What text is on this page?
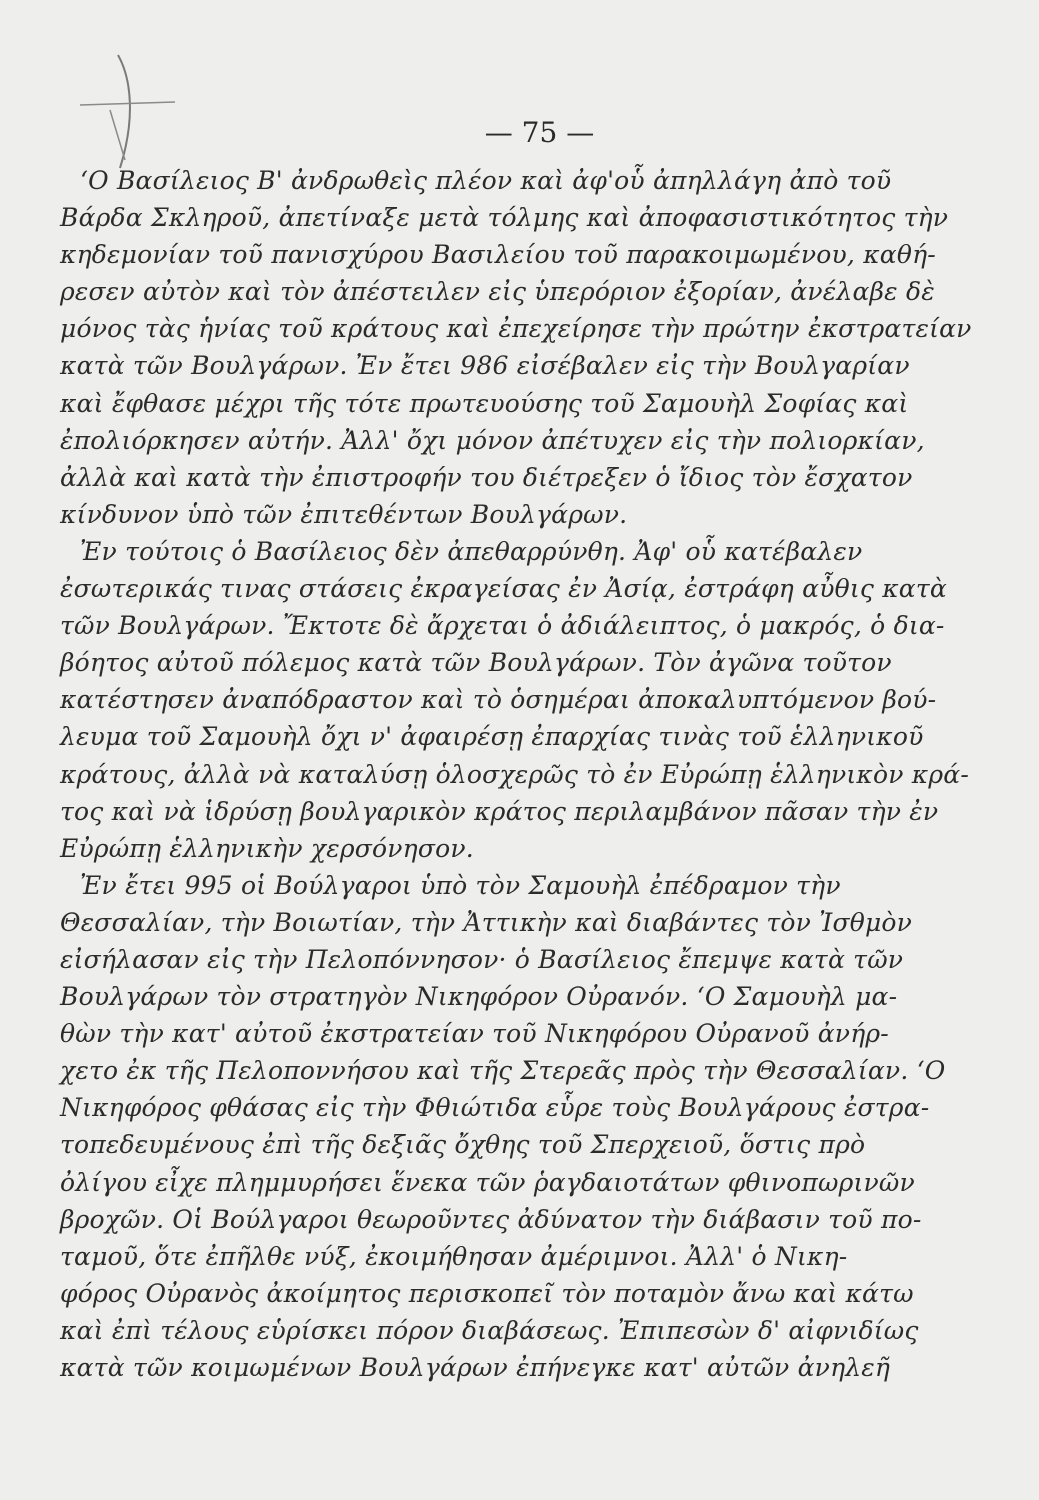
— 75 —
‘Ο Βασίλειος Β' ἀνδρωθεὶς πλέον καὶ ἀφ'οὗ ἀπηλλάγη ἀπὸ τοῦ
Βάρδα Σκληροῦ, ἀπετίναξε μετὰ τόλμης καὶ ἀποφασιστικότητος τὴν
κηδεμονίαν τοῦ πανισχύρου Βασιλείου τοῦ παρακοιμωμένου, καθή-
ρεσεν αὐτὸν καὶ τὸν ἀπέστειλεν εἰς ὑπερόριον ἐξορίαν, ἀνέλαβε δὲ
μόνος τὰς ἡνίας τοῦ κράτους καὶ ἐπεχείρησε τὴν πρώτην ἐκστρατείαν
κατὰ τῶν Βουλγάρων. Ἐν ἔτει 986 εἰσέβαλεν εἰς τὴν Βουλγαρίαν
καὶ ἔφθασε μέχρι τῆς τότε πρωτευούσης τοῦ Σαμουὴλ Σοφίας καὶ
ἐπολιόρκησεν αὐτήν. Ἀλλ' ὄχι μόνον ἀπέτυχεν εἰς τὴν πολιορκίαν,
ἀλλὰ καὶ κατὰ τὴν ἐπιστροφήν του διέτρεξεν ὁ ἴδιος τὸν ἔσχατον
κίνδυνον ὑπὸ τῶν ἐπιτεθέντων Βουλγάρων.
Ἐν τούτοις ὁ Βασίλειος δὲν ἀπεθαρρύνθη. Ἀφ' οὗ κατέβαλεν
ἐσωτερικάς τινας στάσεις ἐκραγείσας ἐν Ἀσίᾳ, ἐστράφη αὖθις κατὰ
τῶν Βουλγάρων. Ἔκτοτε δὲ ἄρχεται ὁ ἀδιάλειπτος, ὁ μακρός, ὁ δια-
βόητος αὐτοῦ πόλεμος κατὰ τῶν Βουλγάρων. Τὸν ἀγῶνα τοῦτον
κατέστησεν ἀναπόδραστον καὶ τὸ ὁσημέραι ἀποκαλυπτόμενον βού-
λευμα τοῦ Σαμουὴλ ὄχι ν' ἀφαιρέσῃ ἐπαρχίας τινὰς τοῦ ἑλληνικοῦ
κράτους, ἀλλὰ νὰ καταλύσῃ ὁλοσχερῶς τὸ ἐν Εὐρώπῃ ἑλληνικὸν κρά-
τος καὶ νὰ ἱδρύσῃ βουλγαρικὸν κράτος περιλαμβάνον πᾶσαν τὴν ἐν
Εὐρώπῃ ἑλληνικὴν χερσόνησον.
Ἐν ἔτει 995 οἱ Βούλγαροι ὑπὸ τὸν Σαμουὴλ ἐπέδραμον τὴν
Θεσσαλίαν, τὴν Βοιωτίαν, τὴν Ἀττικὴν καὶ διαβάντες τὸν Ἰσθμὸν
εἰσήλασαν εἰς τὴν Πελοπόννησον· ὁ Βασίλειος ἔπεμψε κατὰ τῶν
Βουλγάρων τὸν στρατηγὸν Νικηφόρον Οὐρανόν. ‘Ο Σαμουὴλ μα-
θὼν τὴν κατ' αὐτοῦ ἐκστρατείαν τοῦ Νικηφόρου Οὐρανοῦ ἀνήρ-
χετο ἐκ τῆς Πελοποννήσου καὶ τῆς Στερεᾶς πρὸς τὴν Θεσσαλίαν. ‘Ο
Νικηφόρος φθάσας εἰς τὴν Φθιώτιδα εὗρε τοὺς Βουλγάρους ἐστρα-
τοπεδευμένους ἐπὶ τῆς δεξιᾶς ὄχθης τοῦ Σπερχειοῦ, ὅστις πρὸ
ὀλίγου εἶχε πλημμυρήσει ἕνεκα τῶν ῥαγδαιοτάτων φθινοπωρινῶν
βροχῶν. Οἱ Βούλγαροι θεωροῦντες ἀδύνατον τὴν διάβασιν τοῦ πο-
ταμοῦ, ὅτε ἐπῆλθε νύξ, ἐκοιμήθησαν ἀμέριμνοι. Ἀλλ' ὁ Νικη-
φόρος Οὐρανὸς ἀκοίμητος περισκοπεῖ τὸν ποταμὸν ἄνω καὶ κάτω
καὶ ἐπὶ τέλους εὑρίσκει πόρον διαβάσεως. Ἐπιπεσὼν δ' αἰφνιδίως
κατὰ τῶν κοιμωμένων Βουλγάρων ἐπήνεγκε κατ' αὐτῶν ἀνηλεῆ
